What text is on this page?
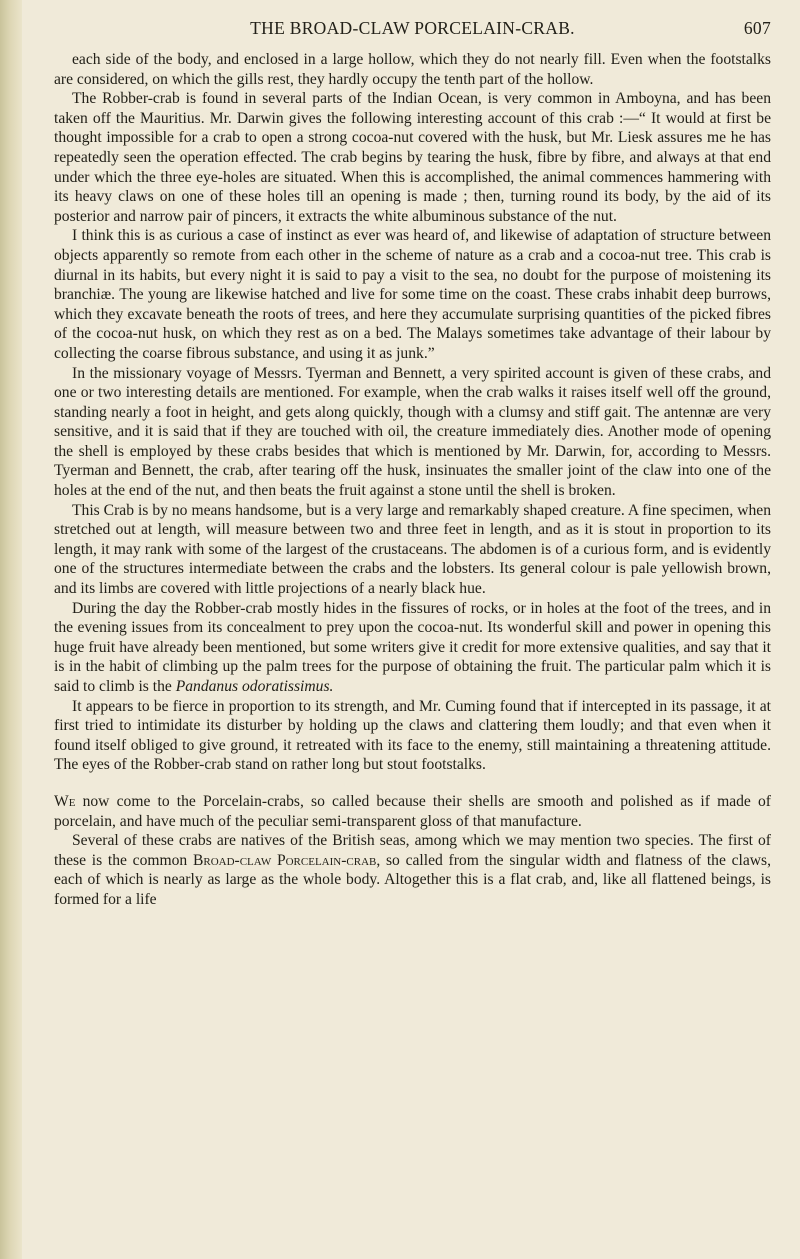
THE BROAD-CLAW PORCELAIN-CRAB.	607

each side of the body, and enclosed in a large hollow, which they do not nearly fill. Even when the footstalks are considered, on which the gills rest, they hardly occupy the tenth part of the hollow.

The Robber-crab is found in several parts of the Indian Ocean, is very common in Amboyna, and has been taken off the Mauritius. Mr. Darwin gives the following interesting account of this crab :—“ It would at first be thought impossible for a crab to open a strong cocoa-nut covered with the husk, but Mr. Liesk assures me he has repeatedly seen the operation effected. The crab begins by tearing the husk, fibre by fibre, and always at that end under which the three eye-holes are situated. When this is accomplished, the animal commences hammering with its heavy claws on one of these holes till an opening is made ; then, turning round its body, by the aid of its posterior and narrow pair of pincers, it extracts the white albuminous substance of the nut.

I think this is as curious a case of instinct as ever was heard of, and likewise of adaptation of structure between objects apparently so remote from each other in the scheme of nature as a crab and a cocoa-nut tree. This crab is diurnal in its habits, but every night it is said to pay a visit to the sea, no doubt for the purpose of moistening its branchiæ. The young are likewise hatched and live for some time on the coast. These crabs inhabit deep burrows, which they excavate beneath the roots of trees, and here they accumulate surprising quantities of the picked fibres of the cocoa-nut husk, on which they rest as on a bed. The Malays sometimes take advantage of their labour by collecting the coarse fibrous substance, and using it as junk.”

In the missionary voyage of Messrs. Tyerman and Bennett, a very spirited account is given of these crabs, and one or two interesting details are mentioned. For example, when the crab walks it raises itself well off the ground, standing nearly a foot in height, and gets along quickly, though with a clumsy and stiff gait. The antennæ are very sensitive, and it is said that if they are touched with oil, the creature immediately dies. Another mode of opening the shell is employed by these crabs besides that which is mentioned by Mr. Darwin, for, according to Messrs. Tyerman and Bennett, the crab, after tearing off the husk, insinuates the smaller joint of the claw into one of the holes at the end of the nut, and then beats the fruit against a stone until the shell is broken.

This Crab is by no means handsome, but is a very large and remarkably shaped creature. A fine specimen, when stretched out at length, will measure between two and three feet in length, and as it is stout in proportion to its length, it may rank with some of the largest of the crustaceans. The abdomen is of a curious form, and is evidently one of the structures intermediate between the crabs and the lobsters. Its general colour is pale yellowish brown, and its limbs are covered with little projections of a nearly black hue.

During the day the Robber-crab mostly hides in the fissures of rocks, or in holes at the foot of the trees, and in the evening issues from its concealment to prey upon the cocoa-nut. Its wonderful skill and power in opening this huge fruit have already been mentioned, but some writers give it credit for more extensive qualities, and say that it is in the habit of climbing up the palm trees for the purpose of obtaining the fruit. The particular palm which it is said to climb is the Pandanus odoratissimus.

It appears to be fierce in proportion to its strength, and Mr. Cuming found that if intercepted in its passage, it at first tried to intimidate its disturber by holding up the claws and clattering them loudly; and that even when it found itself obliged to give ground, it retreated with its face to the enemy, still maintaining a threatening attitude. The eyes of the Robber-crab stand on rather long but stout footstalks.

We now come to the Porcelain-crabs, so called because their shells are smooth and polished as if made of porcelain, and have much of the peculiar semi-transparent gloss of that manufacture.

Several of these crabs are natives of the British seas, among which we may mention two species. The first of these is the common Broad-claw Porcelain-crab, so called from the singular width and flatness of the claws, each of which is nearly as large as the whole body. Altogether this is a flat crab, and, like all flattened beings, is formed for a life
